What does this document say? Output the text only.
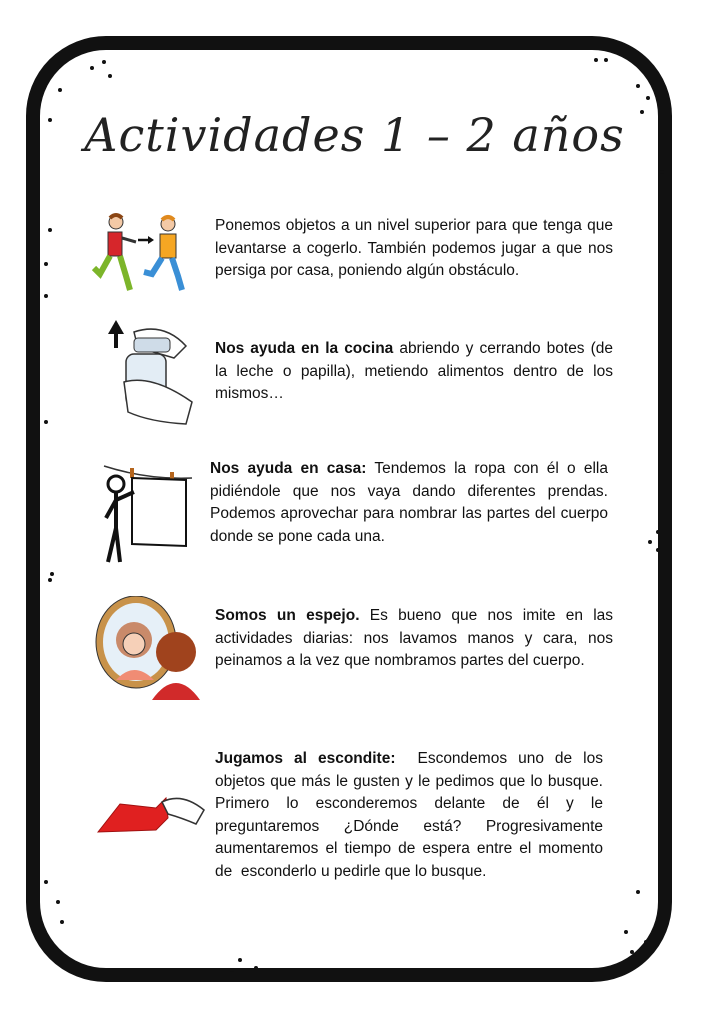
Actividades 1 – 2 años
Ponemos objetos a un nivel superior para que tenga que levantarse a cogerlo. También podemos jugar a que nos persiga por casa, poniendo algún obstáculo.
Nos ayuda en la cocina abriendo y cerrando botes (de la leche o papilla), metiendo alimentos dentro de los mismos…
Nos ayuda en casa: Tendemos la ropa con él o ella pidiéndole que nos vaya dando diferentes prendas. Podemos aprovechar para nombrar las partes del cuerpo donde se pone cada una.
Somos un espejo. Es bueno que nos imite en las actividades diarias: nos lavamos manos y cara, nos peinamos a la vez que nombramos partes del cuerpo.
Jugamos al escondite:  Escondemos uno de los objetos que más le gusten y le pedimos que lo busque. Primero lo esconderemos delante de él y le preguntaremos ¿Dónde está? Progresivamente aumentaremos el tiempo de espera entre el momento de  esconderlo u pedirle que lo busque.
